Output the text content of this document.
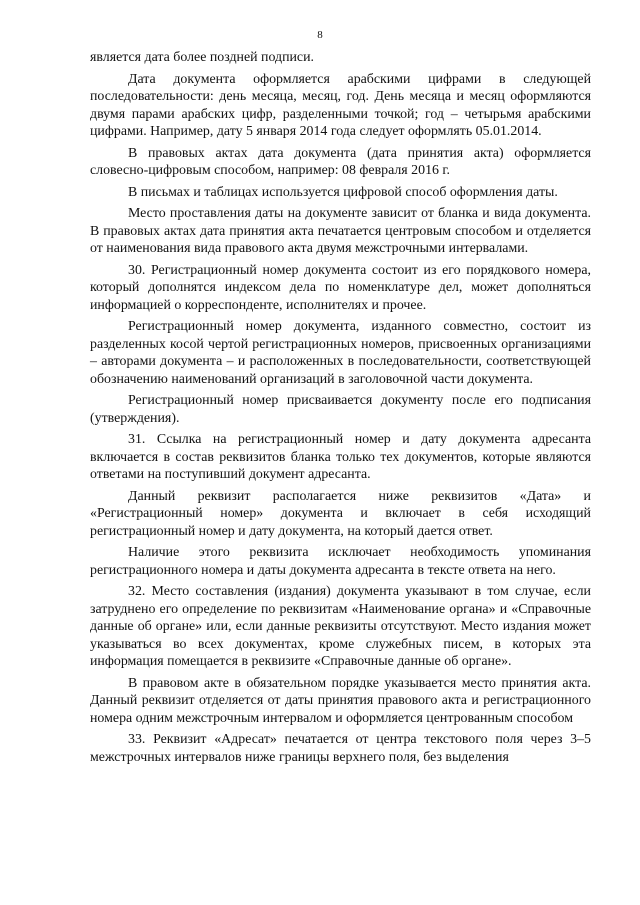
8

является дата более поздней подписи.

Дата документа оформляется арабскими цифрами в следующей последовательности: день месяца, месяц, год. День месяца и месяц оформляются двумя парами арабских цифр, разделенными точкой; год – четырьмя арабскими цифрами. Например, дату 5 января 2014 года следует оформлять 05.01.2014.

В правовых актах дата документа (дата принятия акта) оформляется словесно-цифровым способом, например: 08 февраля 2016 г.

В письмах и таблицах используется цифровой способ оформления даты.

Место проставления даты на документе зависит от бланка и вида документа. В правовых актах дата принятия акта печатается центровым способом и отделяется от наименования вида правового акта двумя межстрочными интервалами.

30. Регистрационный номер документа состоит из его порядкового номера, который дополнятся индексом дела по номенклатуре дел, может дополняться информацией о корреспонденте, исполнителях и прочее.

Регистрационный номер документа, изданного совместно, состоит из разделенных косой чертой регистрационных номеров, присвоенных организациями – авторами документа – и расположенных в последовательности, соответствующей обозначению наименований организаций в заголовочной части документа.

Регистрационный номер присваивается документу после его подписания (утверждения).

31. Ссылка на регистрационный номер и дату документа адресанта включается в состав реквизитов бланка только тех документов, которые являются ответами на поступивший документ адресанта.

Данный реквизит располагается ниже реквизитов «Дата» и «Регистрационный номер» документа и включает в себя исходящий регистрационный номер и дату документа, на который дается ответ.

Наличие этого реквизита исключает необходимость упоминания регистрационного номера и даты документа адресанта в тексте ответа на него.

32. Место составления (издания) документа указывают в том случае, если затруднено его определение по реквизитам «Наименование органа» и «Справочные данные об органе» или, если данные реквизиты отсутствуют. Место издания может указываться во всех документах, кроме служебных писем, в которых эта информация помещается в реквизите «Справочные данные об органе».

В правовом акте в обязательном порядке указывается место принятия акта. Данный реквизит отделяется от даты принятия правового акта и регистрационного номера одним межстрочным интервалом и оформляется центрованным способом

33. Реквизит «Адресат» печатается от центра текстового поля через 3–5 межстрочных интервалов ниже границы верхнего поля, без выделения
